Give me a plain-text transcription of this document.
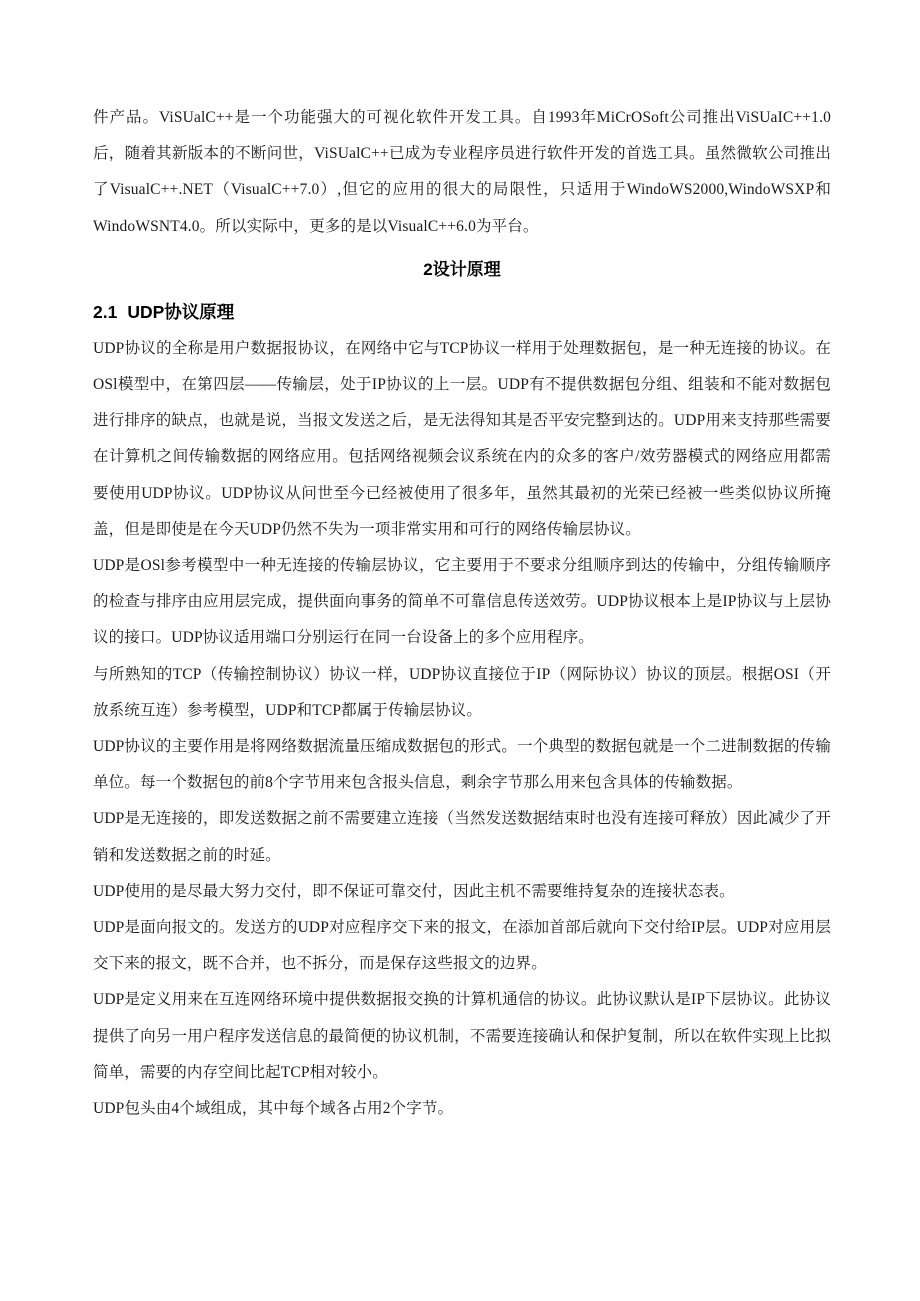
件产品。ViSUalC++是一个功能强大的可视化软件开发工具。自1993年MiCrOSoft公司推出ViSUaIC++1.0后，随着其新版本的不断问世，ViSUalC++已成为专业程序员进行软件开发的首选工具。虽然微软公司推出了VisualC++.NET（VisualC++7.0）,但它的应用的很大的局限性，只适用于WindoWS2000,WindoWSXP和WindoWSNT4.0。所以实际中，更多的是以VisualC++6.0为平台。

2设计原理
2.1 UDP协议原理

UDP协议的全称是用户数据报协议，在网络中它与TCP协议一样用于处理数据包，是一种无连接的协议。在OSl模型中，在第四层——传输层，处于IP协议的上一层。UDP有不提供数据包分组、组装和不能对数据包进行排序的缺点，也就是说，当报文发送之后，是无法得知其是否平安完整到达的。UDP用来支持那些需要在计算机之间传输数据的网络应用。包括网络视频会议系统在内的众多的客户/效劳器模式的网络应用都需要使用UDP协议。UDP协议从问世至今已经被使用了很多年，虽然其最初的光荣已经被一些类似协议所掩盖，但是即使是在今天UDP仍然不失为一项非常实用和可行的网络传输层协议。

UDP是OSl参考模型中一种无连接的传输层协议，它主要用于不要求分组顺序到达的传输中，分组传输顺序的检查与排序由应用层完成，提供面向事务的简单不可靠信息传送效劳。UDP协议根本上是IP协议与上层协议的接口。UDP协议适用端口分别运行在同一台设备上的多个应用程序。

与所熟知的TCP（传输控制协议）协议一样，UDP协议直接位于IP（网际协议）协议的顶层。根据OSI（开放系统互连）参考模型，UDP和TCP都属于传输层协议。

UDP协议的主要作用是将网络数据流量压缩成数据包的形式。一个典型的数据包就是一个二进制数据的传输单位。每一个数据包的前8个字节用来包含报头信息，剩余字节那么用来包含具体的传输数据。

UDP是无连接的，即发送数据之前不需要建立连接（当然发送数据结束时也没有连接可释放）因此减少了开销和发送数据之前的时延。

UDP使用的是尽最大努力交付，即不保证可靠交付，因此主机不需要维持复杂的连接状态表。

UDP是面向报文的。发送方的UDP对应程序交下来的报文，在添加首部后就向下交付给IP层。UDP对应用层交下来的报文，既不合并，也不拆分，而是保存这些报文的边界。

UDP是定义用来在互连网络环境中提供数据报交换的计算机通信的协议。此协议默认是IP下层协议。此协议提供了向另一用户程序发送信息的最简便的协议机制，不需要连接确认和保护复制，所以在软件实现上比拟简单，需要的内存空间比起TCP相对较小。

UDP包头由4个域组成，其中每个域各占用2个字节。
